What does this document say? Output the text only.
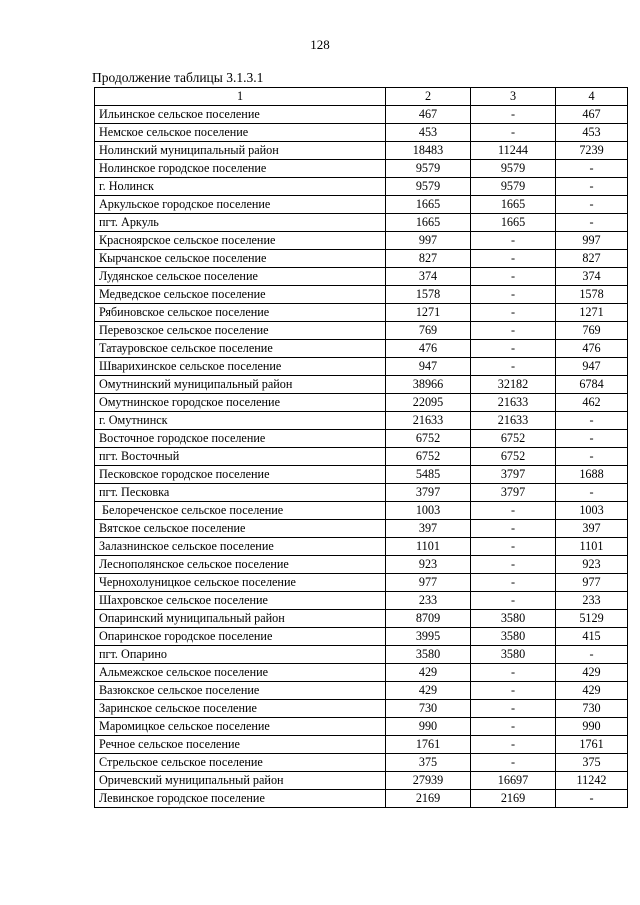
128
Продолжение таблицы 3.1.3.1
1	2	3	4
Ильинское сельское поселение	467	-	467
Немское сельское поселение	453	-	453
Нолинский муниципальный район	18483	11244	7239
Нолинское городское поселение	9579	9579	-
г. Нолинск	9579	9579	-
Аркульское городское поселение	1665	1665	-
пгт. Аркуль	1665	1665	-
Красноярское сельское поселение	997	-	997
Кырчанское сельское поселение	827	-	827
Лудянское сельское поселение	374	-	374
Медведское сельское поселение	1578	-	1578
Рябиновское сельское поселение	1271	-	1271
Перевозское сельское поселение	769	-	769
Татауровское сельское поселение	476	-	476
Шварихинское сельское поселение	947	-	947
Омутнинский муниципальный район	38966	32182	6784
Омутнинское городское поселение	22095	21633	462
г. Омутнинск	21633	21633	-
Восточное городское поселение	6752	6752	-
пгт. Восточный	6752	6752	-
Песковское городское поселение	5485	3797	1688
пгт. Песковка	3797	3797	-
Белореченское сельское поселение	1003	-	1003
Вятское сельское поселение	397	-	397
Залазнинское сельское поселение	1101	-	1101
Леснополянское сельское поселение	923	-	923
Чернохолуницкое сельское поселение	977	-	977
Шахровское сельское поселение	233	-	233
Опаринский муниципальный район	8709	3580	5129
Опаринское городское поселение	3995	3580	415
пгт. Опарино	3580	3580	-
Альмежское сельское поселение	429	-	429
Вазюкское сельское поселение	429	-	429
Заринское сельское поселение	730	-	730
Маромицкое сельское поселение	990	-	990
Речное сельское поселение	1761	-	1761
Стрельское сельское поселение	375	-	375
Оричевский муниципальный район	27939	16697	11242
Левинское городское поселение	2169	2169	-
